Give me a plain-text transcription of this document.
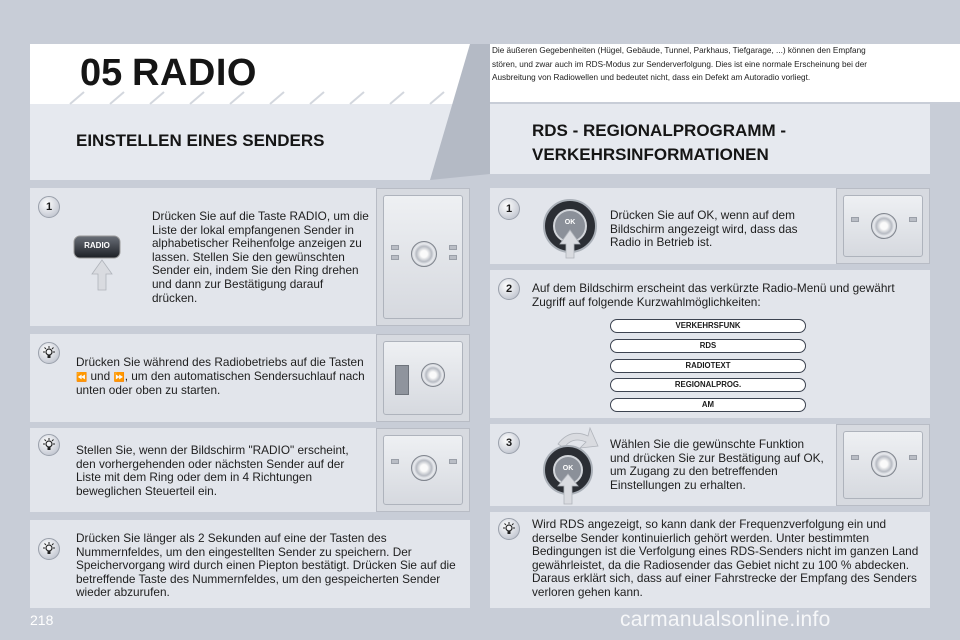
05 RADIO
Die äußeren Gegebenheiten (Hügel, Gebäude, Tunnel, Parkhaus, Tiefgarage, ...) können den Empfang stören, und zwar auch im RDS-Modus zur Senderverfolgung. Dies ist eine normale Erscheinung bei der Ausbreitung von Radiowellen und bedeutet nicht, dass ein Defekt am Autoradio vorliegt.
EINSTELLEN EINES SENDERS
RDS - REGIONALPROGRAMM -
VERKEHRSINFORMATIONEN
1
RADIO
Drücken Sie auf die Taste RADIO, um die Liste der lokal empfangenen Sender in alphabetischer Reihenfolge anzeigen zu lassen. Stellen Sie den gewünschten Sender ein, indem Sie den Ring drehen und dann zur Bestätigung darauf drücken.
Drücken Sie während des Radiobetriebs auf die Tasten ⏪ und ⏩, um den automatischen Sendersuchlauf nach unten oder oben zu starten.
Stellen Sie, wenn der Bildschirm "RADIO" erscheint, den vorhergehenden oder nächsten Sender auf der Liste mit dem Ring oder dem in 4 Richtungen beweglichen Steuerteil ein.
Drücken Sie länger als 2 Sekunden auf eine der Tasten des Nummernfeldes, um den eingestellten Sender zu speichern. Der Speichervorgang wird durch einen Piepton bestätigt. Drücken Sie auf die betreffende Taste des Nummernfeldes, um den gespeicherten Sender wieder abzurufen.
1
OK
Drücken Sie auf OK, wenn auf dem Bildschirm angezeigt wird, dass das Radio in Betrieb ist.
2	Auf dem Bildschirm erscheint das verkürzte Radio-Menü und gewährt Zugriff auf folgende Kurzwahlmöglichkeiten:
VERKEHRSFUNK
RDS
RADIOTEXT
REGIONALPROG.
AM
3
OK
Wählen Sie die gewünschte Funktion und drücken Sie zur Bestätigung auf OK, um Zugang zu den betreffenden Einstellungen zu erhalten.
Wird RDS angezeigt, so kann dank der Frequenzverfolgung ein und derselbe Sender kontinuierlich gehört werden. Unter bestimmten Bedingungen ist die Verfolgung eines RDS-Senders nicht im ganzen Land gewährleistet, da die Radiosender das Gebiet nicht zu 100 % abdecken. Daraus erklärt sich, dass auf einer Fahrstrecke der Empfang des Senders verloren gehen kann.
218	carmanualsonline.info
